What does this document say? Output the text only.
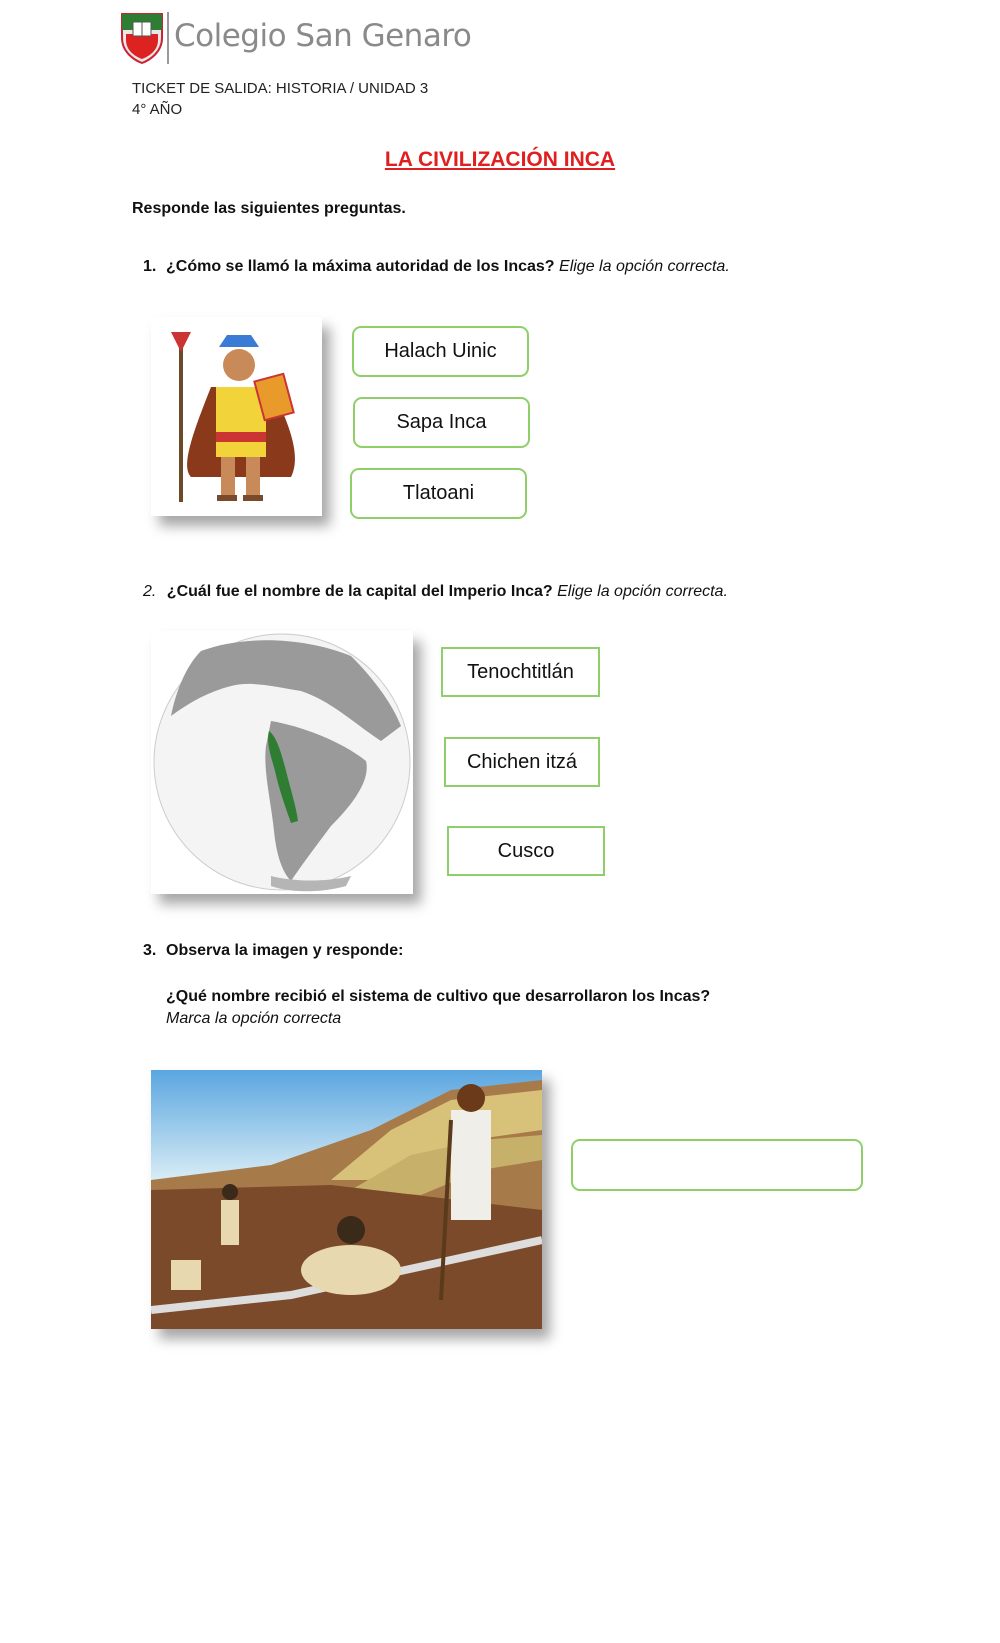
Colegio San Genaro
TICKET DE SALIDA: HISTORIA / UNIDAD 3
4° AÑO
LA CIVILIZACIÓN INCA
Responde las siguientes preguntas.
1. ¿Cómo se llamó la máxima autoridad de los Incas? Elige la opción correcta.
Halach Uinic
Sapa Inca
Tlatoani
2. ¿Cuál fue el nombre de la capital del Imperio Inca? Elige la opción correcta.
Tenochtitlán
Chichen itzá
Cusco
3. Observa la imagen y responde:
¿Qué nombre recibió el sistema de cultivo que desarrollaron los Incas?
Marca la opción correcta
